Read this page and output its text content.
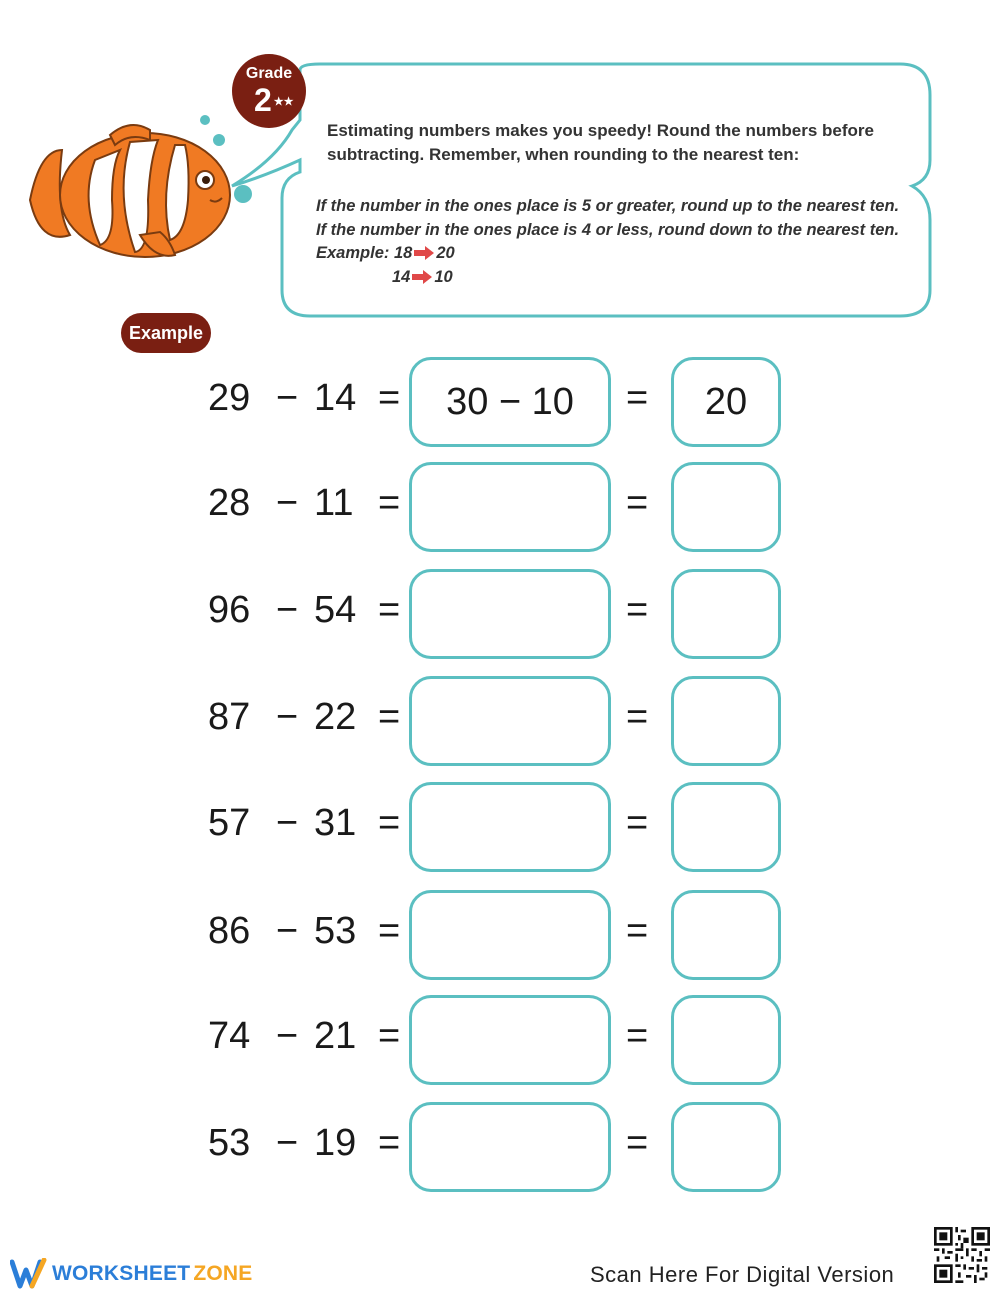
Grade
2 ★★
Estimating numbers makes you speedy! Round the numbers before subtracting. Remember, when rounding to the nearest ten:
If the number in the ones place is 5 or greater, round up to the nearest ten.
If the number in the ones place is 4 or less, round down to the nearest ten.
Example: 18 20
14 10
Example
29 − 14 =	30 − 10	=	20
28 − 11 =	=
96 − 54 =	=
87 − 22 =	=
57 − 31 =	=
86 − 53 =	=
74 − 21 =	=
53 − 19 =	=
WORKSHEET ZONE	Scan Here For Digital Version
